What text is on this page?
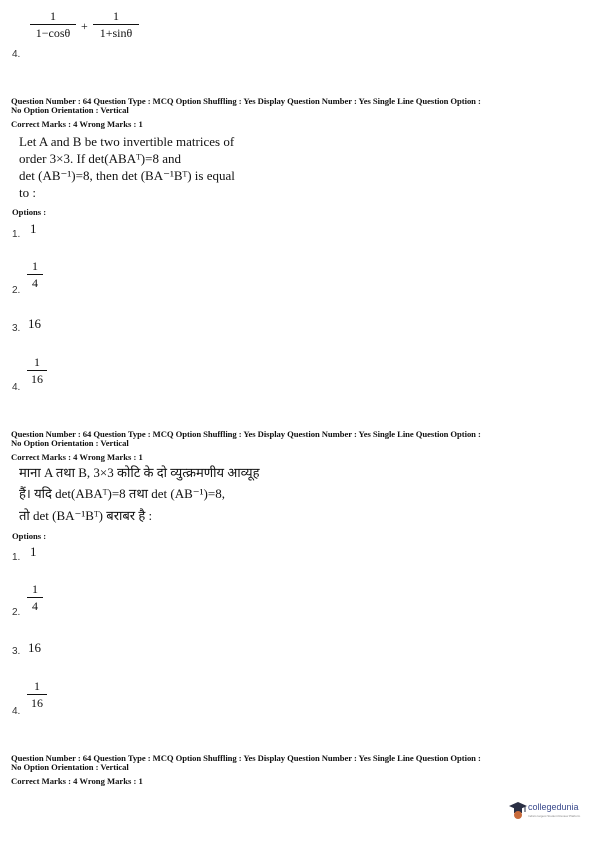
1
1−cosθ +
1
1+sinθ
4.
Question Number : 64 Question Type : MCQ Option Shuffling : Yes Display Question Number : Yes Single Line Question Option :
No Option Orientation : Vertical
Correct Marks : 4 Wrong Marks : 1
Let A and B be two invertible matrices of
order 3×3. If det(ABAᵀ)=8 and
det (AB⁻¹)=8, then det (BA⁻¹Bᵀ) is equal
to :
Options :
1. 1
1
4
2.
16
3.
1
16
4.
Question Number : 64 Question Type : MCQ Option Shuffling : Yes Display Question Number : Yes Single Line Question Option :
No Option Orientation : Vertical
Correct Marks : 4 Wrong Marks : 1
माना A तथा B, 3×3 कोटि के दो व्युत्क्रमणीय आव्यूह
हैं। यदि det(ABAᵀ)=8 तथा det (AB⁻¹)=8,
तो det (BA⁻¹Bᵀ) बराबर है :
Options :
1. 1
1
4
2.
16
3.
1
16
4.
Question Number : 64 Question Type : MCQ Option Shuffling : Yes Display Question Number : Yes Single Line Question Option :
No Option Orientation : Vertical
Correct Marks : 4 Wrong Marks : 1
collegedunia
India's largest Student Review Platform
